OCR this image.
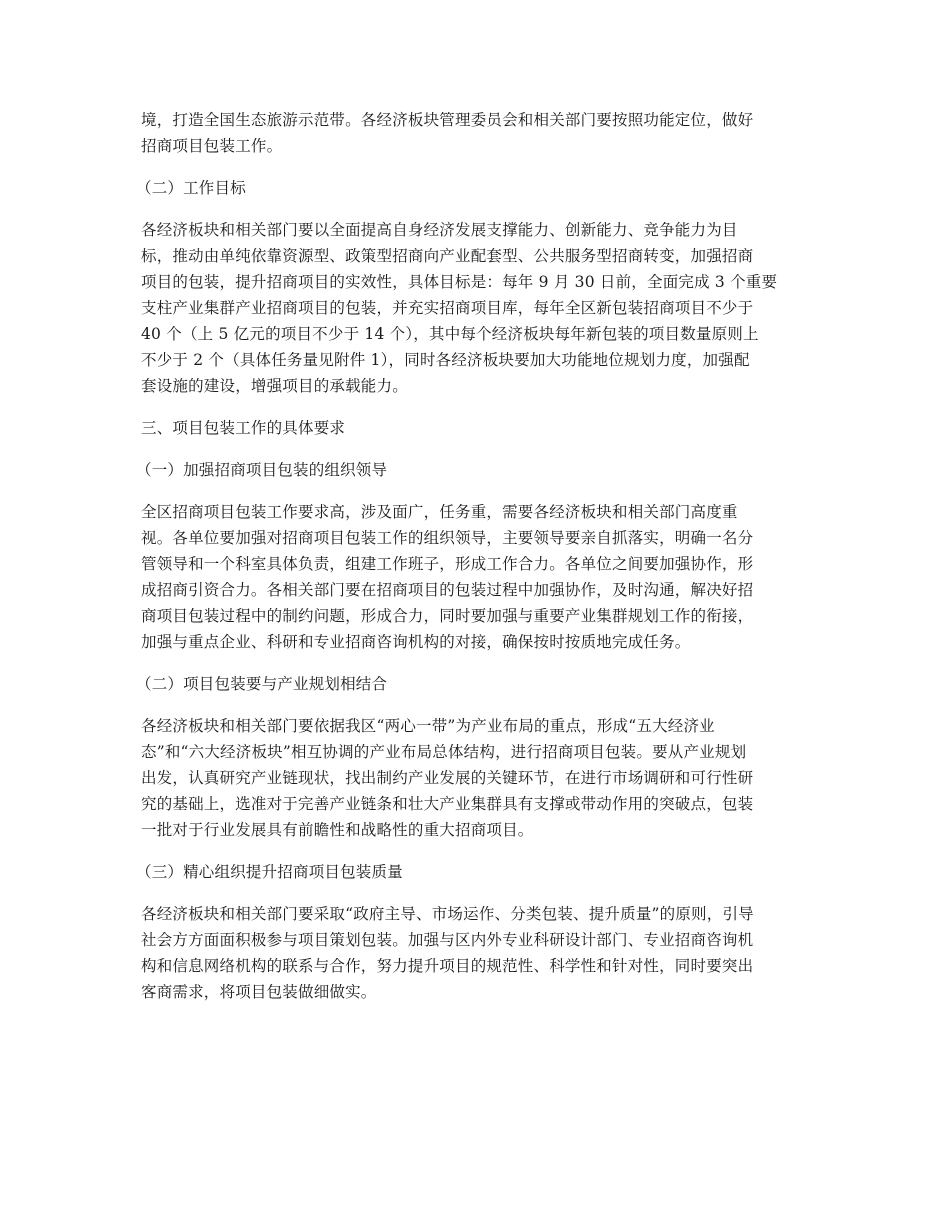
境，打造全国生态旅游示范带。各经济板块管理委员会和相关部门要按照功能定位，做好
招商项目包装工作。

（二）工作目标

各经济板块和相关部门要以全面提高自身经济发展支撑能力、创新能力、竞争能力为目
标，推动由单纯依靠资源型、政策型招商向产业配套型、公共服务型招商转变，加强招商
项目的包装，提升招商项目的实效性，具体目标是：每年 9 月 30 日前，全面完成 3 个重要
支柱产业集群产业招商项目的包装，并充实招商项目库，每年全区新包装招商项目不少于
40 个（上 5 亿元的项目不少于 14 个），其中每个经济板块每年新包装的项目数量原则上
不少于 2 个（具体任务量见附件 1），同时各经济板块要加大功能地位规划力度，加强配
套设施的建设，增强项目的承载能力。

三、项目包装工作的具体要求
（一）加强招商项目包装的组织领导

全区招商项目包装工作要求高，涉及面广，任务重，需要各经济板块和相关部门高度重
视。各单位要加强对招商项目包装工作的组织领导，主要领导要亲自抓落实，明确一名分
管领导和一个科室具体负责，组建工作班子，形成工作合力。各单位之间要加强协作，形
成招商引资合力。各相关部门要在招商项目的包装过程中加强协作，及时沟通，解决好招
商项目包装过程中的制约问题，形成合力，同时要加强与重要产业集群规划工作的衔接，
加强与重点企业、科研和专业招商咨询机构的对接，确保按时按质地完成任务。

（二）项目包装要与产业规划相结合

各经济板块和相关部门要依据我区“两心一带”为产业布局的重点，形成“五大经济业
态”和“六大经济板块”相互协调的产业布局总体结构，进行招商项目包装。要从产业规划
出发，认真研究产业链现状，找出制约产业发展的关键环节，在进行市场调研和可行性研
究的基础上，选准对于完善产业链条和壮大产业集群具有支撑或带动作用的突破点，包装
一批对于行业发展具有前瞻性和战略性的重大招商项目。

（三）精心组织提升招商项目包装质量

各经济板块和相关部门要采取“政府主导、市场运作、分类包装、提升质量”的原则，引导
社会方方面面积极参与项目策划包装。加强与区内外专业科研设计部门、专业招商咨询机
构和信息网络机构的联系与合作，努力提升项目的规范性、科学性和针对性，同时要突出
客商需求，将项目包装做细做实。
